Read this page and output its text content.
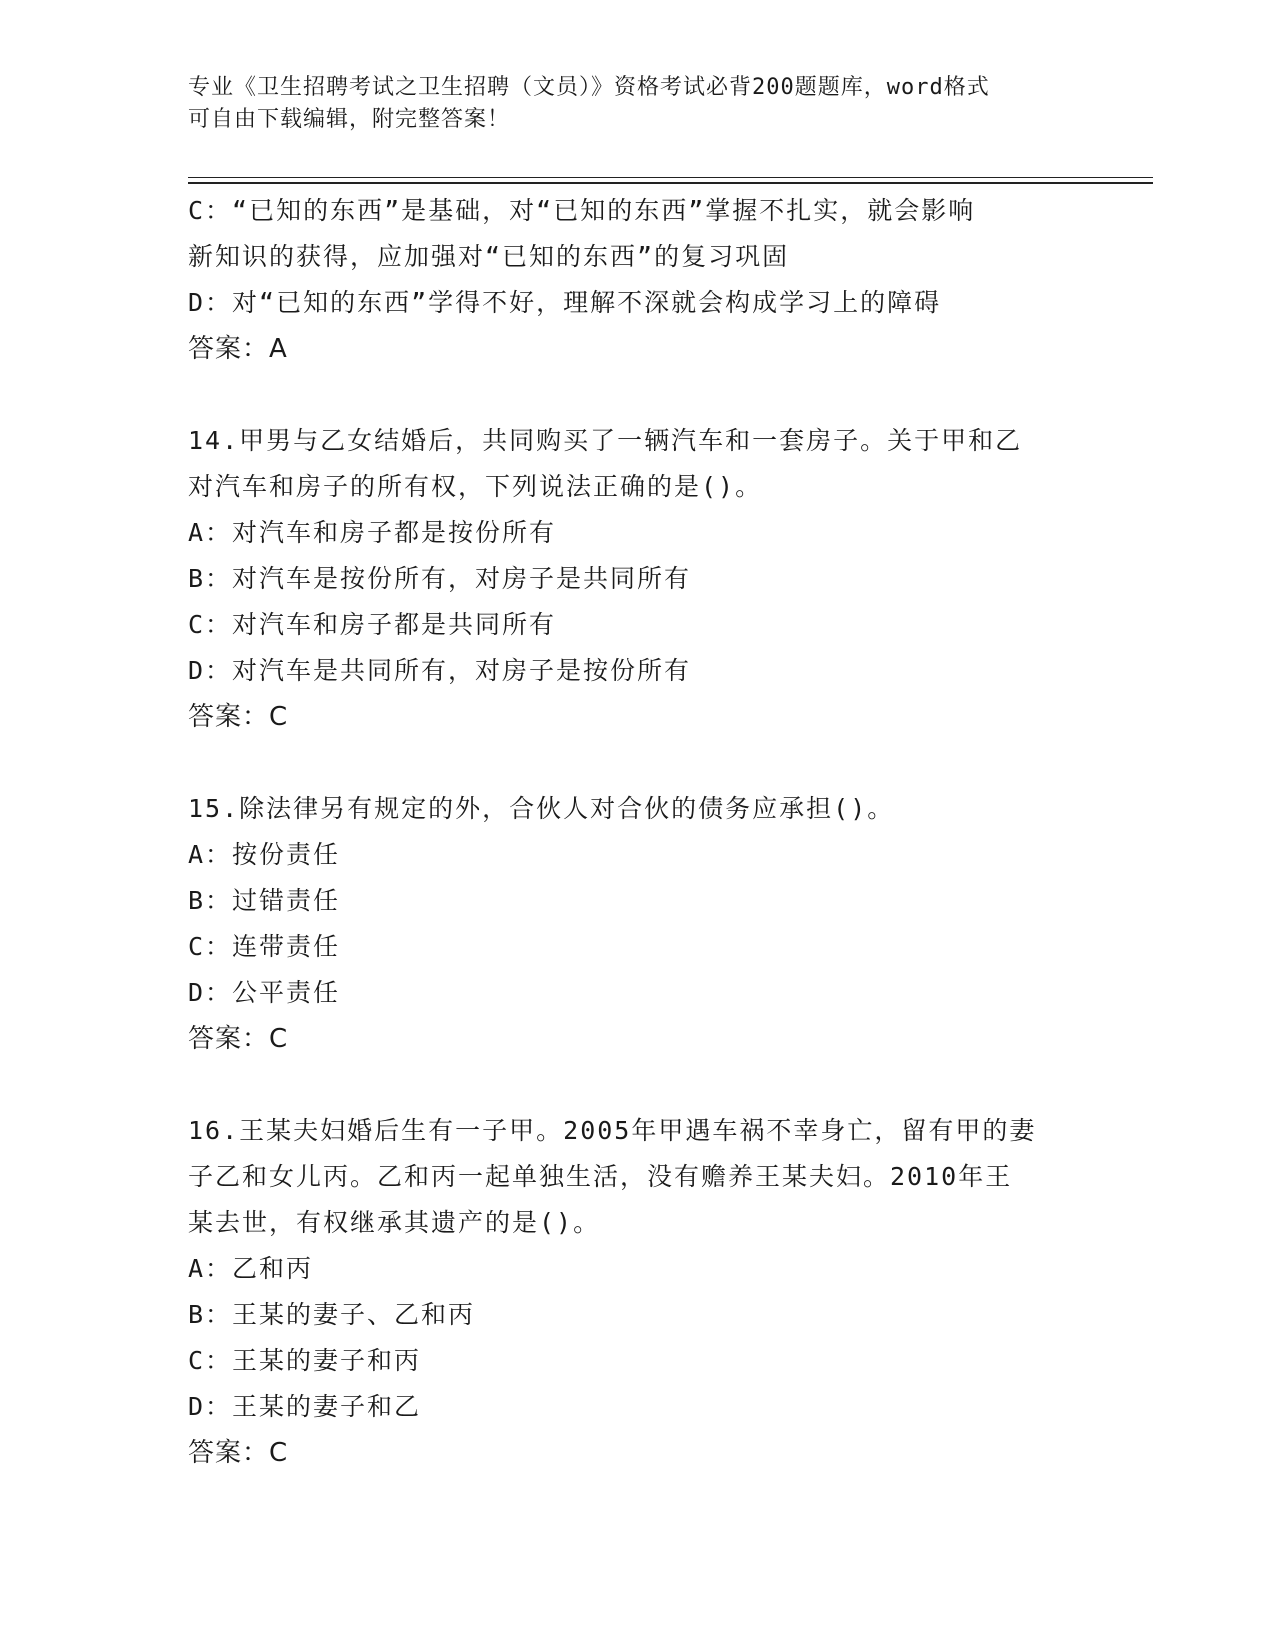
专业《卫生招聘考试之卫生招聘（文员）》资格考试必背200题题库，word格式
可自由下载编辑，附完整答案！
C：“已知的东西”是基础，对“已知的东西”掌握不扎实，就会影响
新知识的获得，应加强对“已知的东西”的复习巩固
D：对“已知的东西”学得不好，理解不深就会构成学习上的障碍
答案：A
14.甲男与乙女结婚后，共同购买了一辆汽车和一套房子。关于甲和乙
对汽车和房子的所有权，下列说法正确的是()。
A：对汽车和房子都是按份所有
B：对汽车是按份所有，对房子是共同所有
C：对汽车和房子都是共同所有
D：对汽车是共同所有，对房子是按份所有
答案：C
15.除法律另有规定的外，合伙人对合伙的债务应承担()。
A：按份责任
B：过错责任
C：连带责任
D：公平责任
答案：C
16.王某夫妇婚后生有一子甲。2005年甲遇车祸不幸身亡，留有甲的妻
子乙和女儿丙。乙和丙一起单独生活，没有赡养王某夫妇。2010年王
某去世，有权继承其遗产的是()。
A：乙和丙
B：王某的妻子、乙和丙
C：王某的妻子和丙
D：王某的妻子和乙
答案：C
